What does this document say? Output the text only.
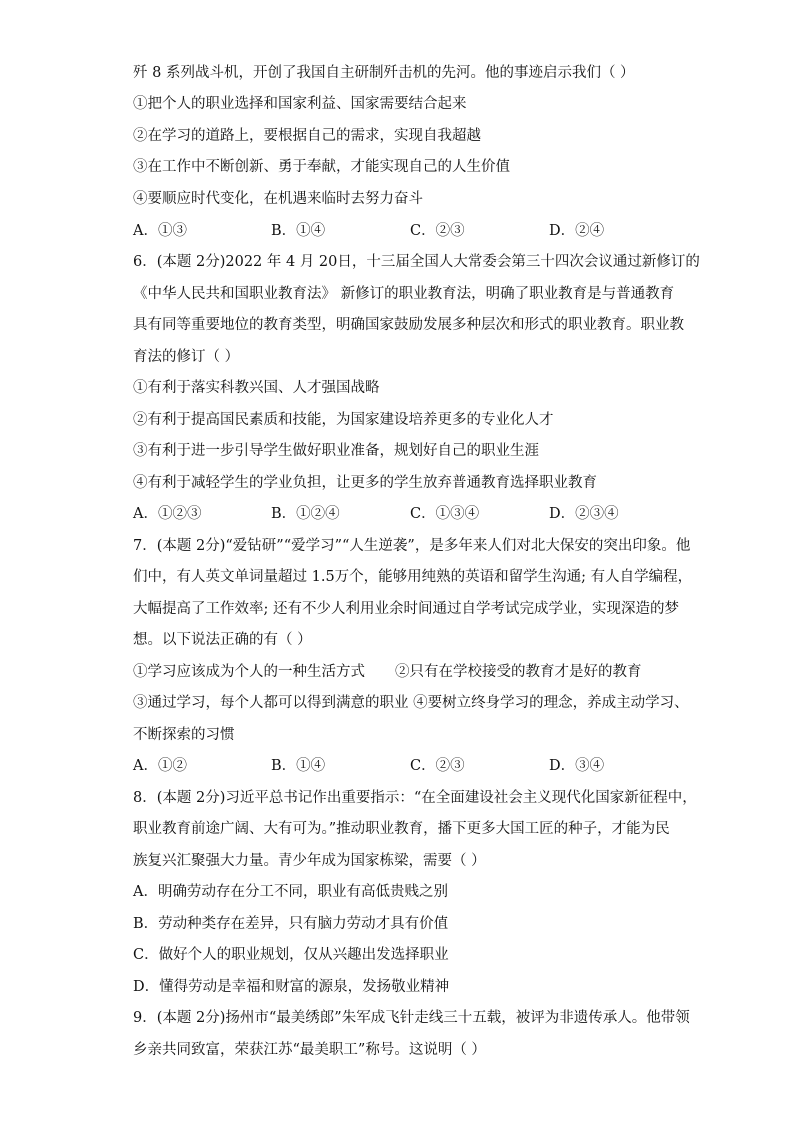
歼 8 系列战斗机，开创了我国自主研制歼击机的先河。他的事迹启示我们（ ）
①把个人的职业选择和国家利益、国家需要结合起来
②在学习的道路上，要根据自己的需求，实现自我超越
③在工作中不断创新、勇于奉献，才能实现自己的人生价值
④要顺应时代变化，在机遇来临时去努力奋斗
A．①③	B．①④	C．②③	D．②④
6．(本题 2分)2022 年 4 月 20日，十三届全国人大常委会第三十四次会议通过新修订的
《中华人民共和国职业教育法》 新修订的职业教育法，明确了职业教育是与普通教育
具有同等重要地位的教育类型，明确国家鼓励发展多种层次和形式的职业教育。职业教
育法的修订（ ）
①有利于落实科教兴国、人才强国战略
②有利于提高国民素质和技能，为国家建设培养更多的专业化人才
③有利于进一步引导学生做好职业准备，规划好自己的职业生涯
④有利于减轻学生的学业负担，让更多的学生放弃普通教育选择职业教育
A．①②③	B．①②④	C．①③④	D．②③④
7．(本题 2分)“爱钻研”“爱学习”“人生逆袭”，是多年来人们对北大保安的突出印象。他
们中，有人英文单词量超过 1.5万个，能够用纯熟的英语和留学生沟通; 有人自学编程，
大幅提高了工作效率; 还有不少人利用业余时间通过自学考试完成学业，实现深造的梦
想。以下说法正确的有（ ）
①学习应该成为个人的一种生活方式 ②只有在学校接受的教育才是好的教育
③通过学习，每个人都可以得到满意的职业 ④要树立终身学习的理念，养成主动学习、
不断探索的习惯
A．①②	B．①④	C．②③	D．③④
8．(本题 2分)习近平总书记作出重要指示：“在全面建设社会主义现代化国家新征程中，
职业教育前途广阔、大有可为。”推动职业教育，播下更多大国工匠的种子，才能为民
族复兴汇聚强大力量。青少年成为国家栋梁，需要（ ）
A．明确劳动存在分工不同，职业有高低贵贱之别
B．劳动种类存在差异，只有脑力劳动才具有价值
C．做好个人的职业规划，仅从兴趣出发选择职业
D．懂得劳动是幸福和财富的源泉，发扬敬业精神
9．(本题 2分)扬州市“最美绣郎”朱军成飞针走线三十五载，被评为非遗传承人。他带领
乡亲共同致富，荣获江苏“最美职工”称号。这说明（ ）
